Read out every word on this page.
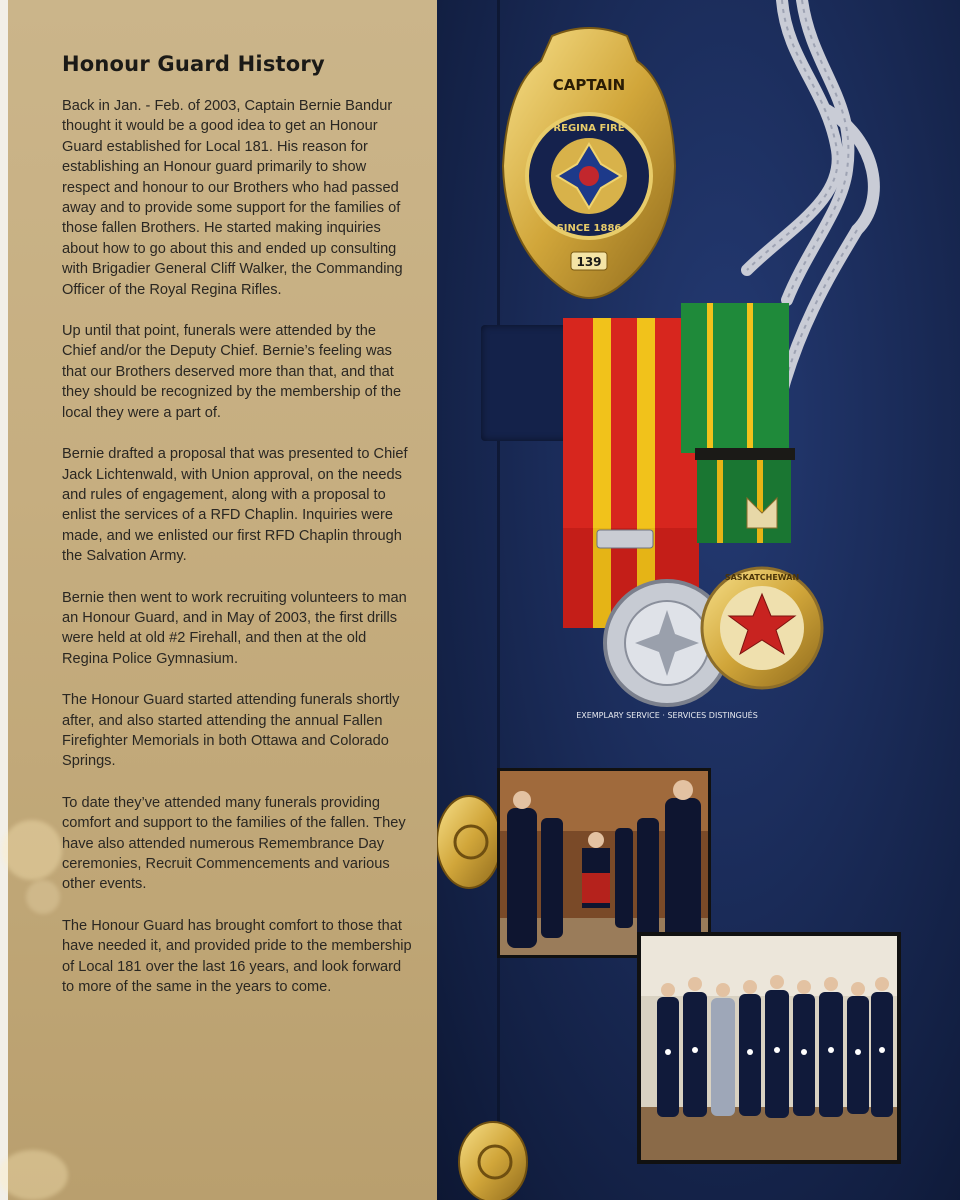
Honour Guard History

Back in Jan. - Feb. of 2003, Captain Bernie Bandur thought it would be a good idea to get an Honour Guard established for Local 181. His reason for establishing an Honour guard primarily to show respect and honour to our Brothers who had passed away and to provide some support for the families of those fallen Brothers. He started making inquiries about how to go about this and ended up consulting with Brigadier General Cliff Walker, the Commanding Officer of the Royal Regina Rifles.

Up until that point, funerals were attended by the Chief and/or the Deputy Chief. Bernie’s feeling was that our Brothers deserved more than that, and that they should be recognized by the membership of the local they were a part of.

Bernie drafted a proposal that was presented to Chief Jack Lichtenwald, with Union approval, on the needs and rules of engagement, along with a proposal to enlist the services of a RFD Chaplin. Inquiries were made, and we enlisted our first RFD Chaplin through the Salvation Army.

Bernie then went to work recruiting volunteers to man an Honour Guard, and in May of 2003, the first drills were held at old #2 Firehall, and then at the old Regina Police Gymnasium.

The Honour Guard started attending funerals shortly after, and also started attending the annual Fallen Firefighter Memorials in both Ottawa and Colorado Springs.

To date they’ve attended many funerals providing comfort and support to the families of the fallen. They have also attended numerous Remembrance Day ceremonies, Recruit Commencements and various other events.

The Honour Guard has brought comfort to those that have needed it, and provided pride to the membership of Local 181 over the last 16 years, and look forward to more of the same in the years to come.

CAPTAIN
REGINA FIRE
SINCE 1886
139
EXEMPLARY SERVICE · SERVICES DISTINGUÉS
SASKATCHEWAN
